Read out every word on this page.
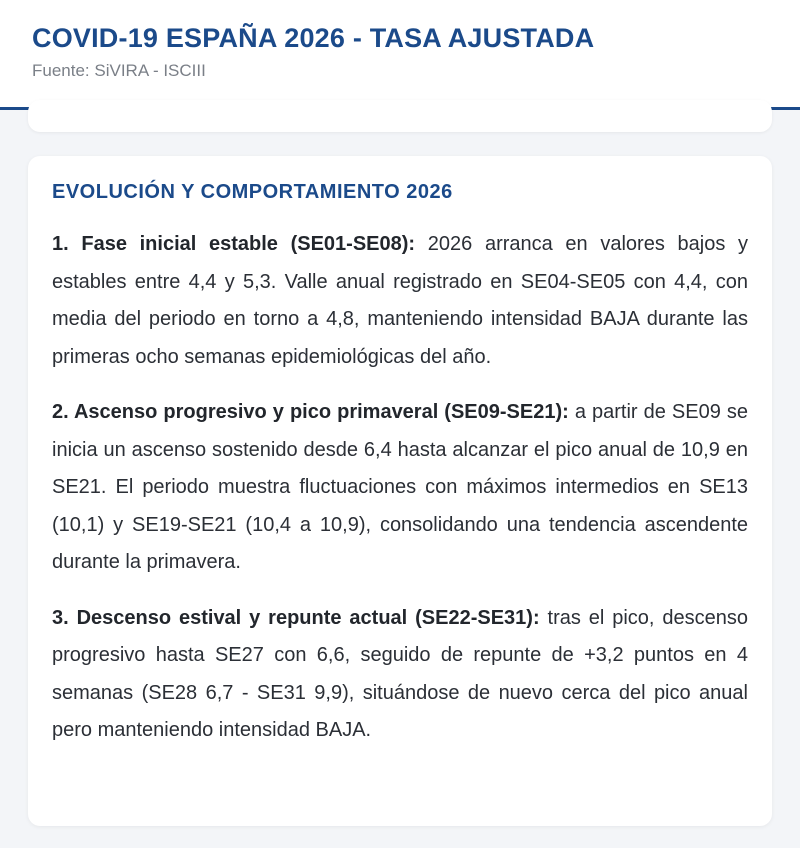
COVID-19 ESPAÑA 2026 - TASA AJUSTADA
Fuente: SiVIRA - ISCIII
EVOLUCIÓN Y COMPORTAMIENTO 2026

1. Fase inicial estable (SE01-SE08): 2026 arranca en valores bajos y estables entre 4,4 y 5,3. Valle anual registrado en SE04-SE05 con 4,4, con media del periodo en torno a 4,8, manteniendo intensidad BAJA durante las primeras ocho semanas epidemiológicas del año.

2. Ascenso progresivo y pico primaveral (SE09-SE21): a partir de SE09 se inicia un ascenso sostenido desde 6,4 hasta alcanzar el pico anual de 10,9 en SE21. El periodo muestra fluctuaciones con máximos intermedios en SE13 (10,1) y SE19-SE21 (10,4 a 10,9), consolidando una tendencia ascendente durante la primavera.

3. Descenso estival y repunte actual (SE22-SE31): tras el pico, descenso progresivo hasta SE27 con 6,6, seguido de repunte de +3,2 puntos en 4 semanas (SE28 6,7 - SE31 9,9), situándose de nuevo cerca del pico anual pero manteniendo intensidad BAJA.
